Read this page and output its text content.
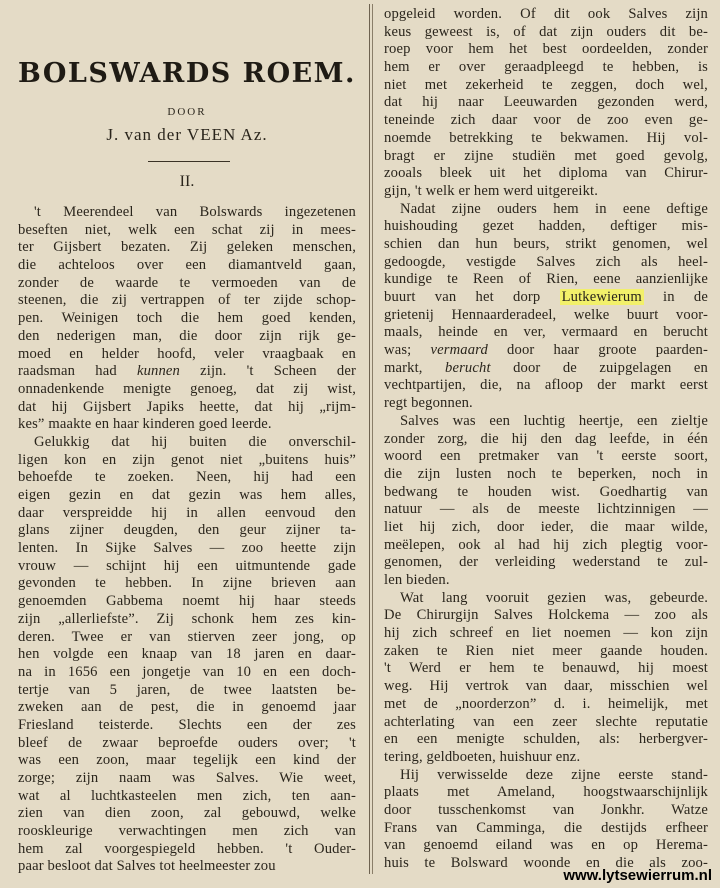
BOLSWARDS ROEM.
DOOR
J. van der VEEN Az.
II.
't Meerendeel van Bolswards ingezetenen
beseften niet, welk een schat zij in mees-
ter Gijsbert bezaten. Zij geleken menschen,
die achteloos over een diamantveld gaan,
zonder de waarde te vermoeden van de
steenen, die zij vertrappen of ter zijde schop-
pen. Weinigen toch die hem goed kenden,
den nederigen man, die door zijn rijk ge-
moed en helder hoofd, veler vraagbaak en
raadsman had kunnen zijn. 't Scheen der
onnadenkende menigte genoeg, dat zij wist,
dat hij Gijsbert Japiks heette, dat hij „rijm-
kes” maakte en haar kinderen goed leerde.
Gelukkig dat hij buiten die onverschil-
ligen kon en zijn genot niet „buitens huis”
behoefde te zoeken. Neen, hij had een
eigen gezin en dat gezin was hem alles,
daar verspreidde hij in allen eenvoud den
glans zijner deugden, den geur zijner ta-
lenten. In Sijke Salves — zoo heette zijn
vrouw — schijnt hij een uitmuntende gade
gevonden te hebben. In zijne brieven aan
genoemden Gabbema noemt hij haar steeds
zijn „allerliefste”. Zij schonk hem zes kin-
deren. Twee er van stierven zeer jong, op
hen volgde een knaap van 18 jaren en daar-
na in 1656 een jongetje van 10 en een doch-
tertje van 5 jaren, de twee laatsten be-
zweken aan de pest, die in genoemd jaar
Friesland teisterde. Slechts een der zes
bleef de zwaar beproefde ouders over; 't
was een zoon, maar tegelijk een kind der
zorge; zijn naam was Salves. Wie weet,
wat al luchtkasteelen men zich, ten aan-
zien van dien zoon, zal gebouwd, welke
rooskleurige verwachtingen men zich van
hem zal voorgespiegeld hebben. 't Ouder-
paar besloot dat Salves tot heelmeester zou
opgeleid worden. Of dit ook Salves zijn
keus geweest is, of dat zijn ouders dit be-
roep voor hem het best oordeelden, zonder
hem er over geraadpleegd te hebben, is
niet met zekerheid te zeggen, doch wel,
dat hij naar Leeuwarden gezonden werd,
teneinde zich daar voor de zoo even ge-
noemde betrekking te bekwamen. Hij vol-
bragt er zijne studiën met goed gevolg,
zooals bleek uit het diploma van Chirur-
gijn, 't welk er hem werd uitgereikt.
Nadat zijne ouders hem in eene deftige
huishouding gezet hadden, deftiger mis-
schien dan hun beurs, strikt genomen, wel
gedoogde, vestigde Salves zich als heel-
kundige te Reen of Rien, eene aanzienlijke
buurt van het dorp Lutkewierum in de
grietenij Hennaarderadeel, welke buurt voor-
maals, heinde en ver, vermaard en berucht
was; vermaard door haar groote paarden-
markt, berucht door de zuipgelagen en
vechtpartijen, die, na afloop der markt eerst
regt begonnen.
Salves was een luchtig heertje, een zieltje
zonder zorg, die hij den dag leefde, in één
woord een pretmaker van 't eerste soort,
die zijn lusten noch te beperken, noch in
bedwang te houden wist. Goedhartig van
natuur — als de meeste lichtzinnigen —
liet hij zich, door ieder, die maar wilde,
meëlepen, ook al had hij zich plegtig voor-
genomen, der verleiding wederstand te zul-
len bieden.
Wat lang vooruit gezien was, gebeurde.
De Chirurgijn Salves Holckema — zoo als
hij zich schreef en liet noemen — kon zijn
zaken te Rien niet meer gaande houden.
't Werd er hem te benauwd, hij moest
weg. Hij vertrok van daar, misschien wel
met de „noorderzon” d. i. heimelijk, met
achterlating van een zeer slechte reputatie
en een menigte schulden, als: herbergver-
tering, geldboeten, huishuur enz.
Hij verwisselde deze zijne eerste stand-
plaats met Ameland, hoogstwaarschijnlijk
door tusschenkomst van Jonkhr. Watze
Frans van Camminga, die destijds erfheer
van genoemd eiland was en op Herema-
huis te Bolsward woonde en die als zoo-
www.lytsewierrum.nl
